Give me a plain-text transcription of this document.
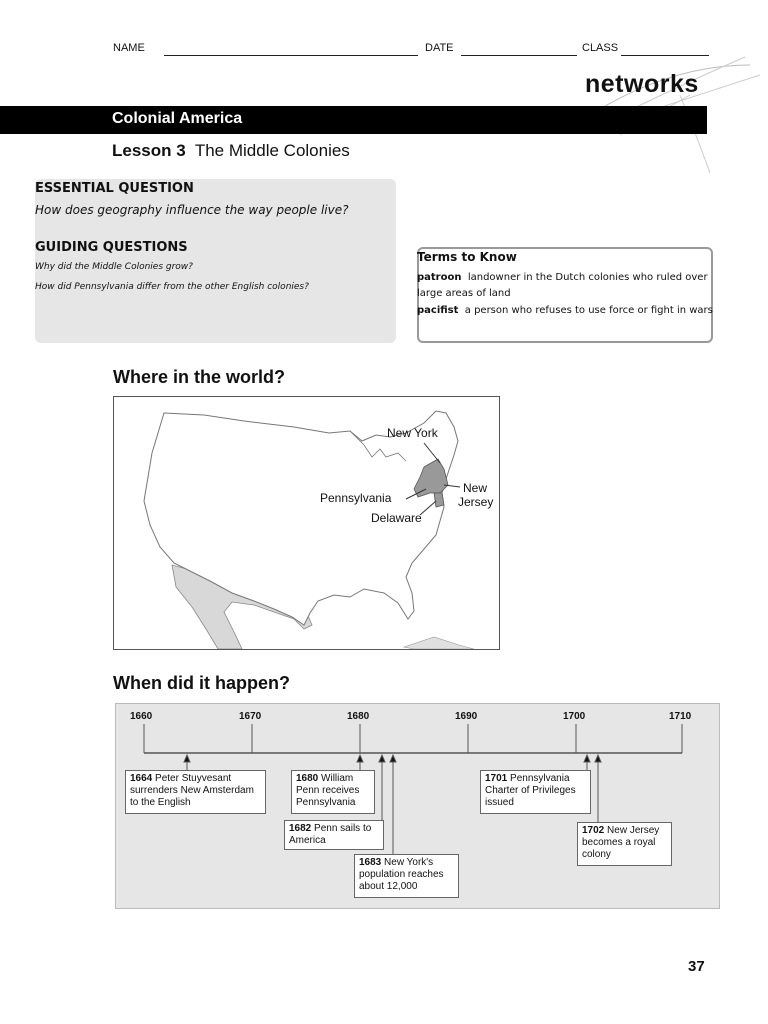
NAME	DATE	CLASS
networks
Colonial America
Lesson 3 The Middle Colonies
ESSENTIAL QUESTION
How does geography influence the way people live?
GUIDING QUESTIONS
Why did the Middle Colonies grow?
How did Pennsylvania differ from the other English colonies?
Terms to Know
patroon landowner in the Dutch colonies who ruled over
large areas of land
pacifist a person who refuses to use force or fight in wars
Where in the world?
New York
Pennsylvania
New
Jersey
Delaware
When did it happen?
1660	1670	1680	1690	1700	1710
1664 Peter Stuyvesant surrenders New Amsterdam to the English
1680 William Penn receives Pennsylvania
1682 Penn sails to America
1683 New York's population reaches about 12,000
1701 Pennsylvania Charter of Privileges issued
1702 New Jersey becomes a royal colony
37
